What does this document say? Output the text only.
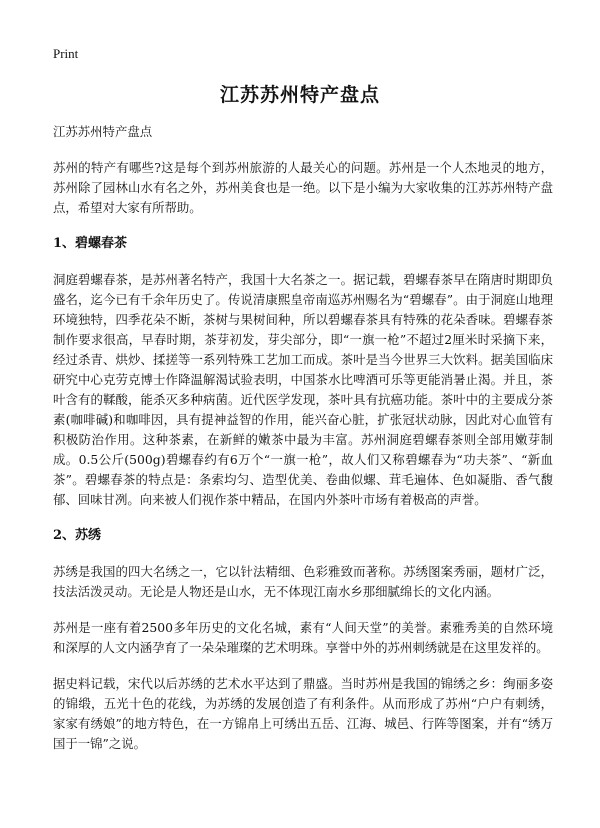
Print
江苏苏州特产盘点

江苏苏州特产盘点

苏州的特产有哪些?这是每个到苏州旅游的人最关心的问题。苏州是一个人杰地灵的地方，苏州除了园林山水有名之外，苏州美食也是一绝。以下是小编为大家收集的江苏苏州特产盘点，希望对大家有所帮助。

1、碧螺春茶

洞庭碧螺春茶，是苏州著名特产，我国十大名茶之一。据记载，碧螺春茶早在隋唐时期即负盛名，迄今已有千余年历史了。传说清康熙皇帝南巡苏州赐名为“碧螺春”。由于洞庭山地理环境独特，四季花朵不断，茶树与果树间种，所以碧螺春茶具有特殊的花朵香味。碧螺春茶制作要求很高，早春时期，茶芽初发，芽尖部分，即“一旗一枪”不超过2厘米时采摘下来，经过杀青、烘炒、揉搓等一系列特殊工艺加工而成。茶叶是当今世界三大饮料。据美国临床研究中心克劳克博士作降温解渴试验表明，中国茶水比啤酒可乐等更能消暑止渴。并且，茶叶含有的鞣酸，能杀灭多种病菌。近代医学发现，茶叶具有抗癌功能。茶叶中的主要成分茶素(咖啡碱)和咖啡因，具有提神益智的作用，能兴奋心脏，扩张冠状动脉，因此对心血管有积极防治作用。这种茶素，在新鲜的嫩茶中最为丰富。苏州洞庭碧螺春茶则全部用嫩芽制成。0.5公斤(500g)碧螺春约有6万个“一旗一枪”，故人们又称碧螺春为“功夫茶”、“新血茶”。碧螺春茶的特点是：条索均匀、造型优美、卷曲似螺、茸毛遍体、色如凝脂、香气馥郁、回味甘冽。向来被人们视作茶中精品，在国内外茶叶市场有着极高的声誉。

2、苏绣

苏绣是我国的四大名绣之一，它以针法精细、色彩雅致而著称。苏绣图案秀丽，题材广泛，技法活泼灵动。无论是人物还是山水，无不体现江南水乡那细腻绵长的文化内涵。

苏州是一座有着2500多年历史的文化名城，素有“人间天堂”的美誉。素雅秀美的自然环境和深厚的人文内涵孕育了一朵朵璀璨的艺术明珠。享誉中外的苏州刺绣就是在这里发祥的。

据史料记载，宋代以后苏绣的艺术水平达到了鼎盛。当时苏州是我国的锦绣之乡：绚丽多姿的锦缎，五光十色的花线，为苏绣的发展创造了有利条件。从而形成了苏州“户户有刺绣，家家有绣娘”的地方特色，在一方锦帛上可绣出五岳、江海、城邑、行阵等图案，并有“绣万国于一锦”之说。
